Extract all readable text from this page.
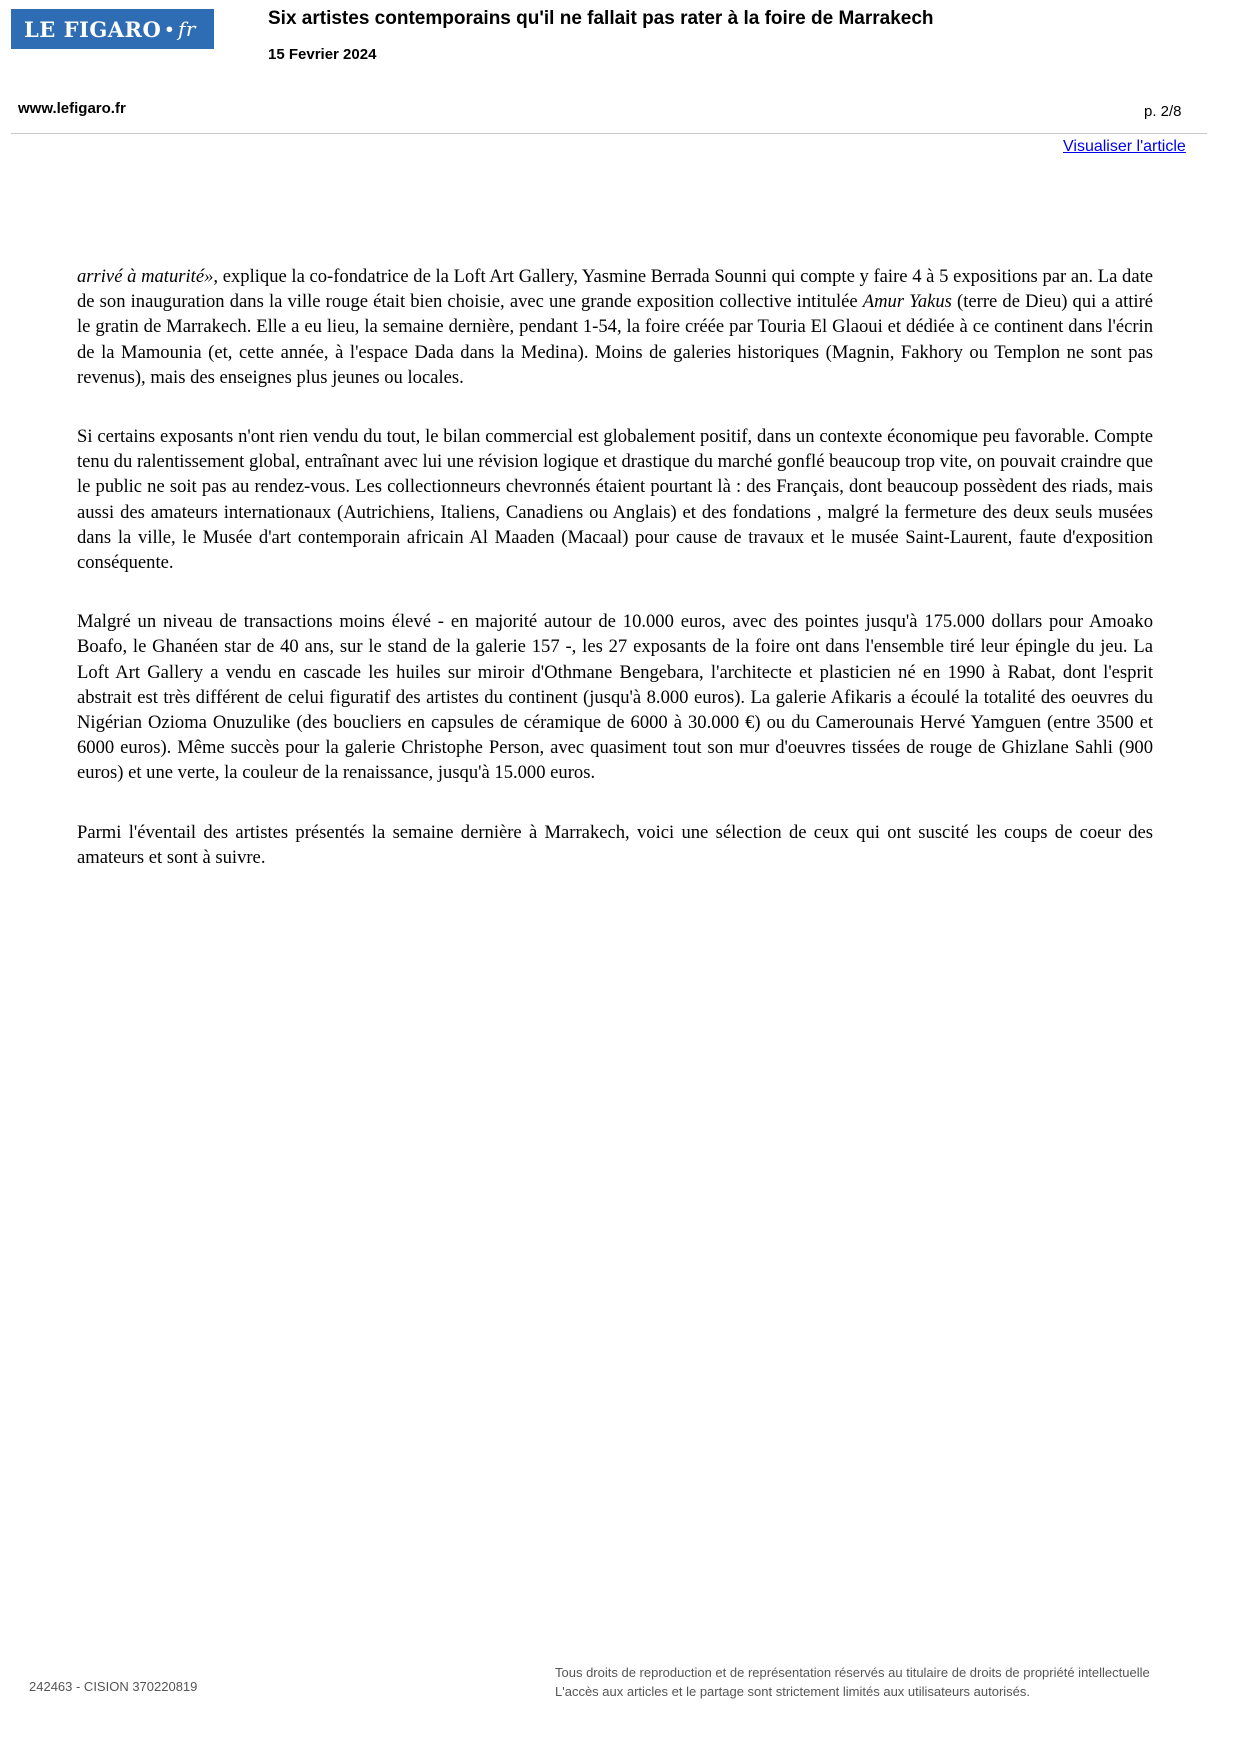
LE FIGARO • fr	Six artistes contemporains qu'il ne fallait pas rater à la foire de Marrakech
15 Fevrier 2024
www.lefigaro.fr	p. 2/8
Visualiser l'article

arrivé à maturité», explique la co-fondatrice de la Loft Art Gallery, Yasmine Berrada Sounni qui compte y faire 4 à 5 expositions par an. La date de son inauguration dans la ville rouge était bien choisie, avec une grande exposition collective intitulée Amur Yakus (terre de Dieu) qui a attiré le gratin de Marrakech. Elle a eu lieu, la semaine dernière, pendant 1-54, la foire créée par Touria El Glaoui et dédiée à ce continent dans l'écrin de la Mamounia (et, cette année, à l'espace Dada dans la Medina). Moins de galeries historiques (Magnin, Fakhory ou Templon ne sont pas revenus), mais des enseignes plus jeunes ou locales.

Si certains exposants n'ont rien vendu du tout, le bilan commercial est globalement positif, dans un contexte économique peu favorable. Compte tenu du ralentissement global, entraînant avec lui une révision logique et drastique du marché gonflé beaucoup trop vite, on pouvait craindre que le public ne soit pas au rendez-vous. Les collectionneurs chevronnés étaient pourtant là : des Français, dont beaucoup possèdent des riads, mais aussi des amateurs internationaux (Autrichiens, Italiens, Canadiens ou Anglais) et des fondations , malgré la fermeture des deux seuls musées dans la ville, le Musée d'art contemporain africain Al Maaden (Macaal) pour cause de travaux et le musée Saint-Laurent, faute d'exposition conséquente.

Malgré un niveau de transactions moins élevé - en majorité autour de 10.000 euros, avec des pointes jusqu'à 175.000 dollars pour Amoako Boafo, le Ghanéen star de 40 ans, sur le stand de la galerie 157 -, les 27 exposants de la foire ont dans l'ensemble tiré leur épingle du jeu. La Loft Art Gallery a vendu en cascade les huiles sur miroir d'Othmane Bengebara, l'architecte et plasticien né en 1990 à Rabat, dont l'esprit abstrait est très différent de celui figuratif des artistes du continent (jusqu'à 8.000 euros). La galerie Afikaris a écoulé la totalité des oeuvres du Nigérian Ozioma Onuzulike (des boucliers en capsules de céramique de 6000 à 30.000 €) ou du Camerounais Hervé Yamguen (entre 3500 et 6000 euros). Même succès pour la galerie Christophe Person, avec quasiment tout son mur d'oeuvres tissées de rouge de Ghizlane Sahli (900 euros) et une verte, la couleur de la renaissance, jusqu'à 15.000 euros.

Parmi l'éventail des artistes présentés la semaine dernière à Marrakech, voici une sélection de ceux qui ont suscité les coups de coeur des amateurs et sont à suivre.

242463 - CISION 370220819
Tous droits de reproduction et de représentation réservés au titulaire de droits de propriété intellectuelle
L'accès aux articles et le partage sont strictement limités aux utilisateurs autorisés.
